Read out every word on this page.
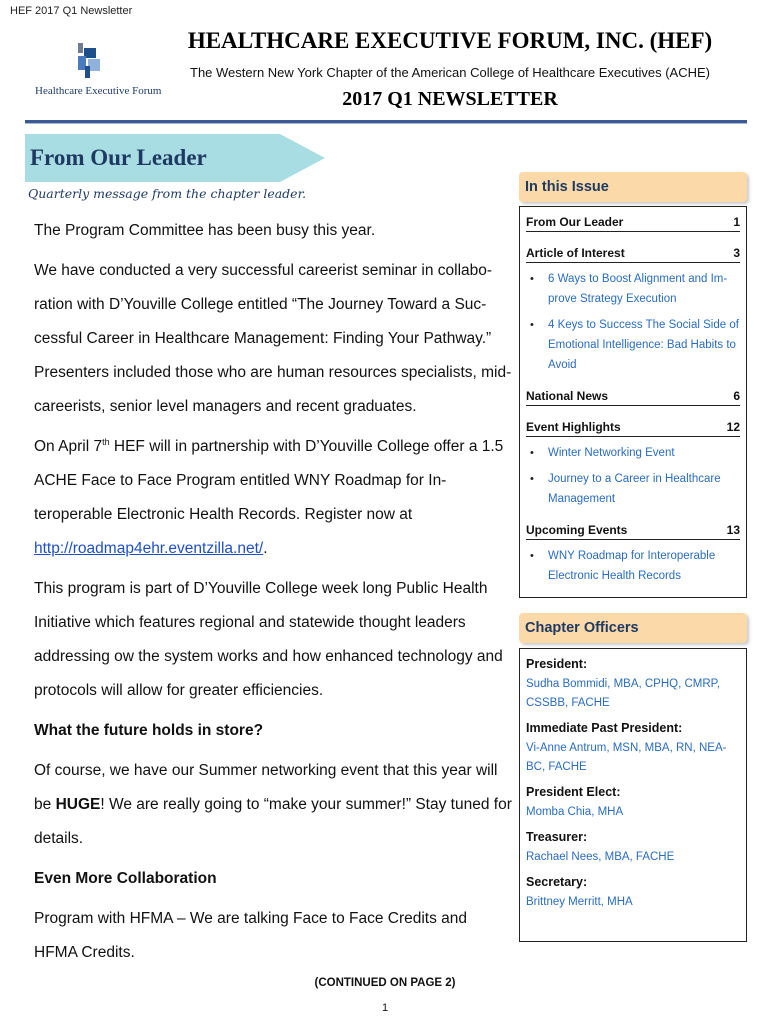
HEF 2017 Q1 Newsletter
Healthcare Executive Forum
HEALTHCARE EXECUTIVE FORUM, INC. (HEF)
The Western New York Chapter of the American College of Healthcare Executives (ACHE)
2017 Q1 NEWSLETTER
From Our Leader
Quarterly message from the chapter leader.

The Program Committee has been busy this year.

We have conducted a very successful careerist seminar in collabo-ration with D’Youville College entitled “The Journey Toward a Suc-cessful Career in Healthcare Management: Finding Your Pathway.” Presenters included those who are human resources specialists, mid-careerists, senior level managers and recent graduates.

On April 7th HEF will in partnership with D’Youville College offer a 1.5 ACHE Face to Face Program entitled WNY Roadmap for In-teroperable Electronic Health Records. Register now at http://roadmap4ehr.eventzilla.net/.

This program is part of D’Youville College week long Public Health Initiative which features regional and statewide thought leaders addressing ow the system works and how enhanced technology and protocols will allow for greater efficiencies.

What the future holds in store?

Of course, we have our Summer networking event that this year will be HUGE! We are really going to “make your summer!” Stay tuned for details.

Even More Collaboration

Program with HFMA – We are talking Face to Face Credits and HFMA Credits.

(CONTINUED ON PAGE 2)
1
In this Issue
From Our Leader	1
Article of Interest	3
• 6 Ways to Boost Alignment and Im-prove Strategy Execution
• 4 Keys to Success The Social Side of Emotional Intelligence: Bad Habits to Avoid
National News	6
Event Highlights	12
• Winter Networking Event
• Journey to a Career in Healthcare Management
Upcoming Events	13
• WNY Roadmap for Interoperable Electronic Health Records
Chapter Officers
President:
Sudha Bommidi, MBA, CPHQ, CMRP, CSSBB, FACHE
Immediate Past President:
Vi-Anne Antrum, MSN, MBA, RN, NEA-BC, FACHE
President Elect:
Momba Chia, MHA
Treasurer:
Rachael Nees, MBA, FACHE
Secretary:
Brittney Merritt, MHA
